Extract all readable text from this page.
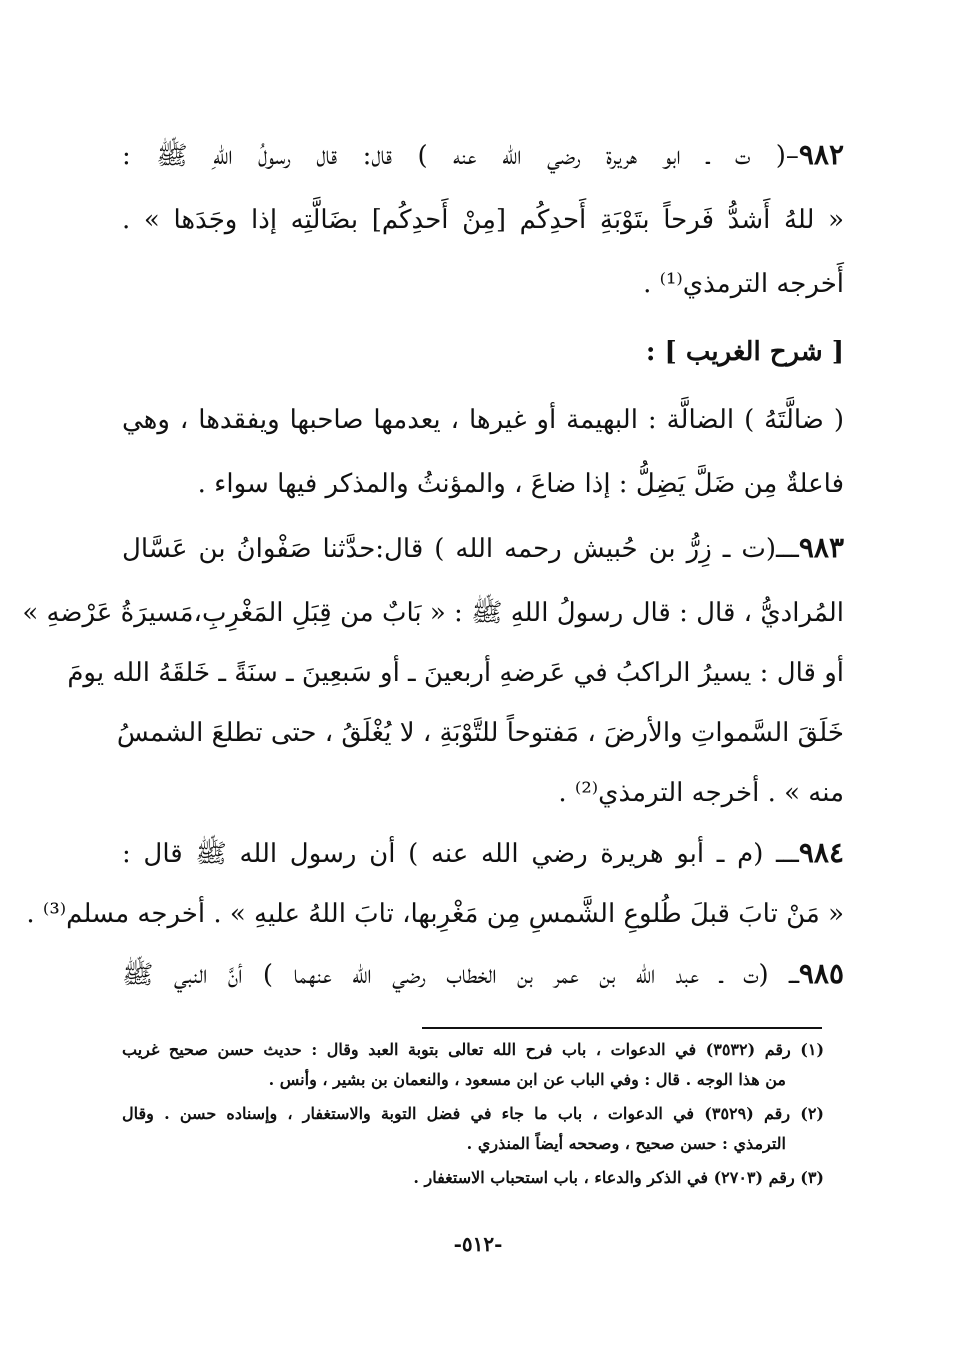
٩٨٢–( ت ـ ابو هريرة رضي الله عنه ) قال: قال رسولُ اللهِ ﷺ :
« للهُ أَشدُّ فَرحاً بتَوْبَةِ أَحدِكُم [مِنْ أَحدِكُم] بضَالَّتِه إذا وجَدَها » .
أَخرجه الترمذي⁽¹⁾ .
[ شرح الغريب ] :
( ضالَّتَهُ ) الضالَّة : البهيمة أو غيرها ، يعدمها صاحبها ويفقدها ، وهي
فاعلةٌ مِن ضَلَّ يَضِلُّ : إذا ضاعَ ، والمؤنثُ والمذكر فيها سواء .
٩٨٣ـــ(ت ـ زِرُّ بن حُبيش رحمه الله ) قال:حدَّثنا صَفْوانُ بن عَسَّال
المُراديُّ ، قال : قال رسولُ اللهِ ﷺ : « بَابٌ من قِبَلِ المَغْرِبِ،مَسيرَةُ عَرْضهِ »
أو قال : يسيرُ الراكبُ في عَرضهِ أربعينَ ـ أو سَبعِينَ ـ سنَةً ـ خَلقَهُ الله يومَ
خَلَقَ السَّمواتِ والأرضَ ، مَفتوحاً للتَّوْبَةِ ، لا يُغْلَقُ ، حتى تطلعَ الشمسُ
منه » . أخرجه الترمذي⁽²⁾ .
٩٨٤ـــ (م ـ أبو هريرة رضي الله عنه ) أن رسول الله ﷺ قال :
« مَنْ تابَ قبلَ طُلوعِ الشَّمسِ مِن مَغْرِبها، تابَ اللهُ عليهِ » . أخرجه مسلم⁽³⁾ .
٩٨٥ـــ (ت ـ عبد الله بن عمر بن الخطاب رضي الله عنهما ) أنَّ النبي ﷺ
(١) رقم (٣٥٣٢) في الدعوات ، باب فرح الله تعالى بتوبة العبد وقال : حديث حسن صحيح غريب
من هذا الوجه . قال : وفي الباب عن ابن مسعود ، والنعمان بن بشير ، وأنس .
(٢) رقم (٣٥٢٩) في الدعوات ، باب ما جاء في فضل التوبة والاستغفار ، وإسناده حسن . وقال
الترمذي : حسن صحيح ، وصححه أيضاً المنذري .
(٣) رقم (٢٧٠٣) في الذكر والدعاء ، باب استحباب الاستغفار .
-٥١٢-
